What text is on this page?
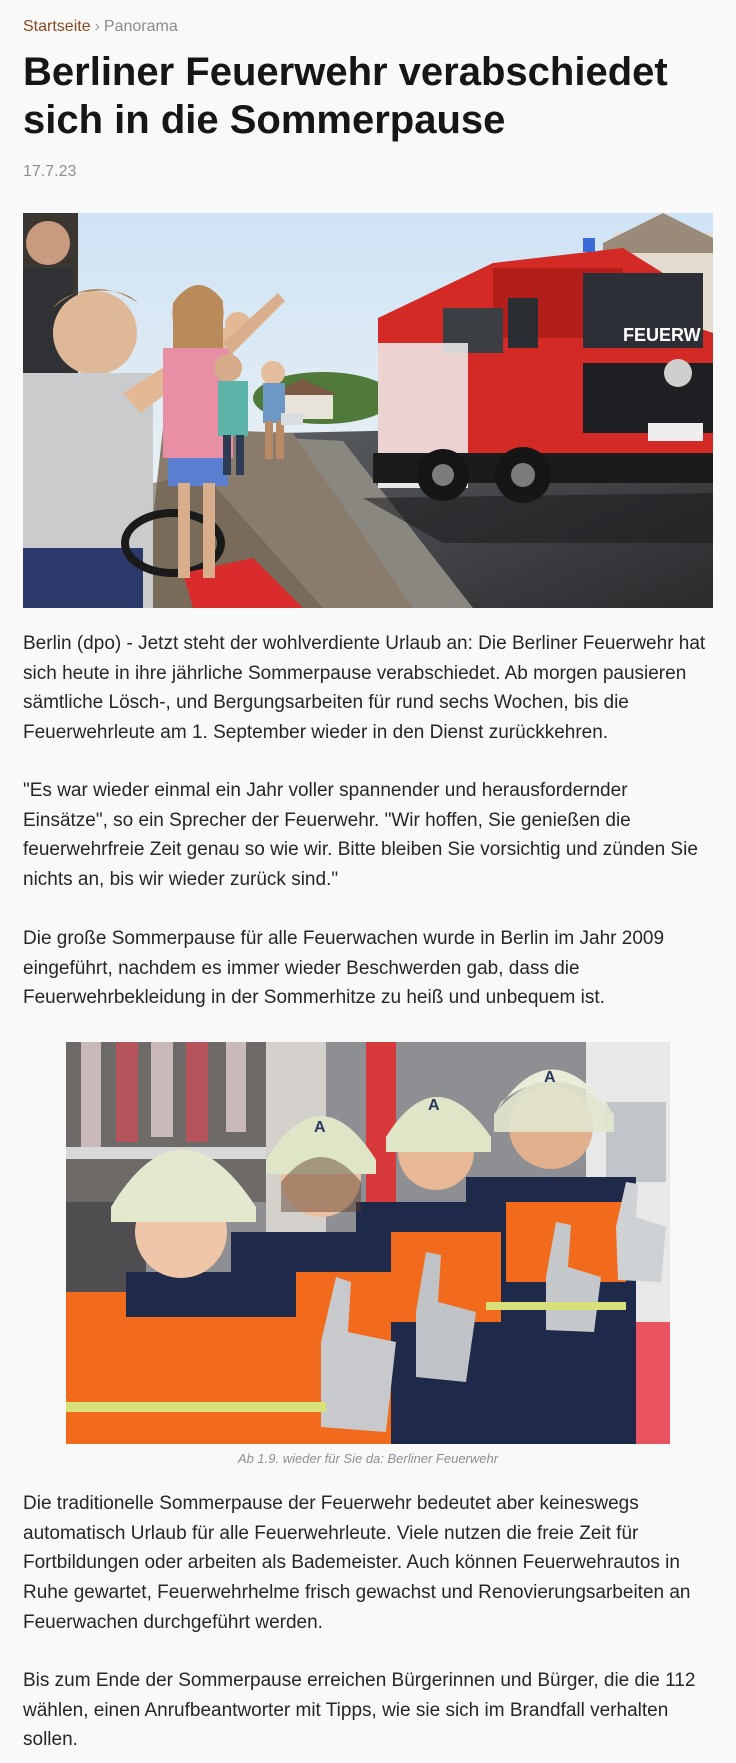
Startseite › Panorama
Berliner Feuerwehr verabschiedet sich in die Sommerpause
17.7.23
FEUERW

Berlin (dpo) - Jetzt steht der wohlverdiente Urlaub an: Die Berliner Feuerwehr hat sich heute in ihre jährliche Sommerpause verabschiedet. Ab morgen pausieren sämtliche Lösch-, und Bergungsarbeiten für rund sechs Wochen, bis die Feuerwehrleute am 1. September wieder in den Dienst zurückkehren.

"Es war wieder einmal ein Jahr voller spannender und herausfordernder Einsätze", so ein Sprecher der Feuerwehr. "Wir hoffen, Sie genießen die feuerwehrfreie Zeit genau so wie wir. Bitte bleiben Sie vorsichtig und zünden Sie nichts an, bis wir wieder zurück sind."

Die große Sommerpause für alle Feuerwachen wurde in Berlin im Jahr 2009 eingeführt, nachdem es immer wieder Beschwerden gab, dass die Feuerwehrbekleidung in der Sommerhitze zu heiß und unbequem ist.

A
A
A
Ab 1.9. wieder für Sie da: Berliner Feuerwehr

Die traditionelle Sommerpause der Feuerwehr bedeutet aber keineswegs automatisch Urlaub für alle Feuerwehrleute. Viele nutzen die freie Zeit für Fortbildungen oder arbeiten als Bademeister. Auch können Feuerwehrautos in Ruhe gewartet, Feuerwehrhelme frisch gewachst und Renovierungsarbeiten an Feuerwachen durchgeführt werden.

Bis zum Ende der Sommerpause erreichen Bürgerinnen und Bürger, die die 112 wählen, einen Anrufbeantworter mit Tipps, wie sie sich im Brandfall verhalten sollen.
